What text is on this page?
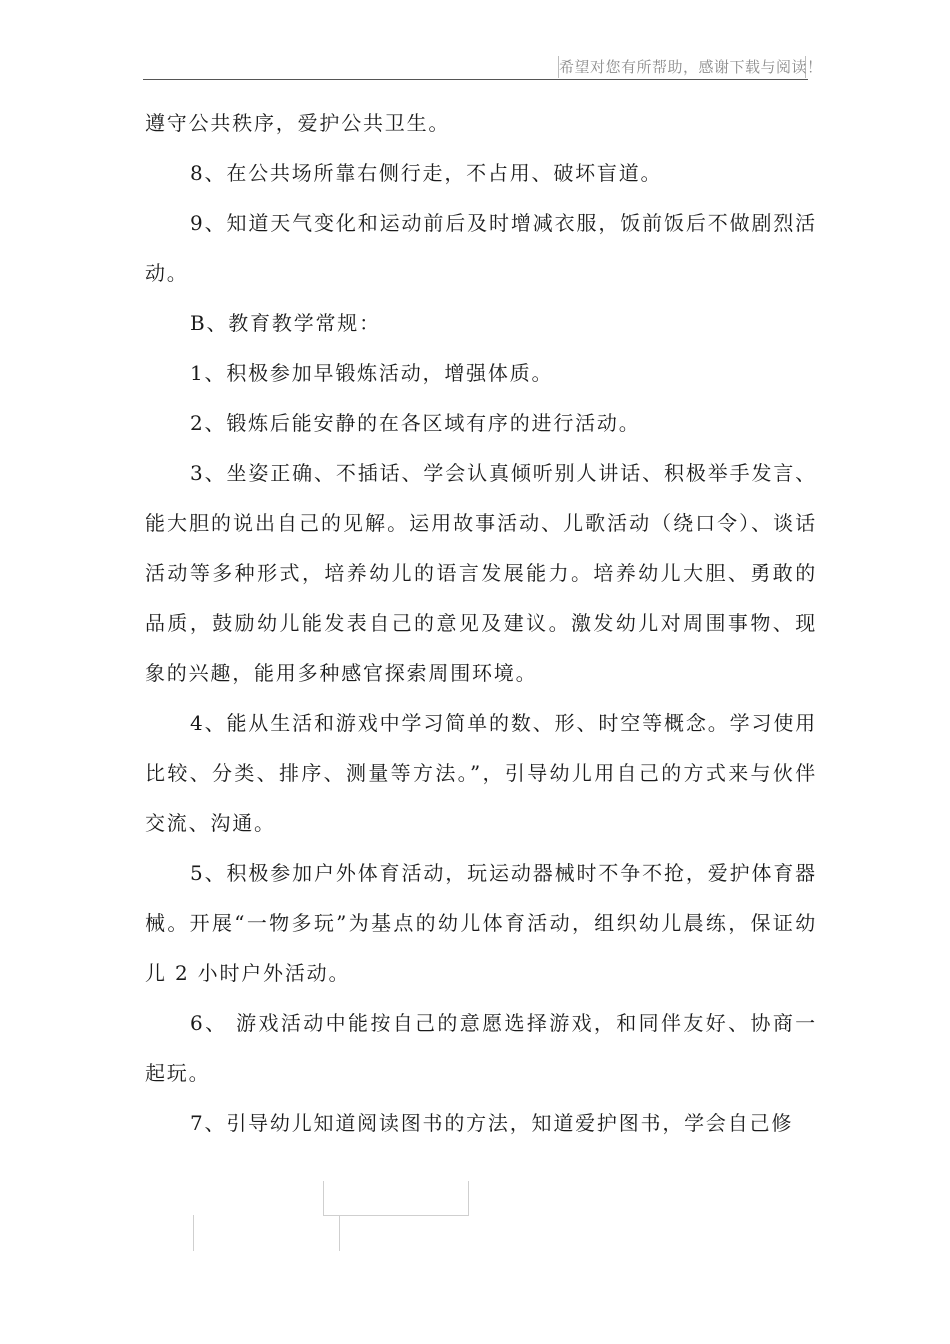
希望对您有所帮助，感谢下载与阅读！

遵守公共秩序，爱护公共卫生。

8、在公共场所靠右侧行走，不占用、破坏盲道。

9、知道天气变化和运动前后及时增减衣服，饭前饭后不做剧烈活动。

B、教育教学常规：

1、积极参加早锻炼活动，增强体质。

2、锻炼后能安静的在各区域有序的进行活动。

3、坐姿正确、不插话、学会认真倾听别人讲话、积极举手发言、能大胆的说出自己的见解。运用故事活动、儿歌活动（绕口令）、谈话活动等多种形式，培养幼儿的语言发展能力。培养幼儿大胆、勇敢的品质，鼓励幼儿能发表自己的意见及建议。激发幼儿对周围事物、现象的兴趣，能用多种感官探索周围环境。

4、能从生活和游戏中学习简单的数、形、时空等概念。学习使用比较、分类、排序、测量等方法。”，引导幼儿用自己的方式来与伙伴交流、沟通。

5、积极参加户外体育活动，玩运动器械时不争不抢，爱护体育器械。开展“一物多玩”为基点的幼儿体育活动，组织幼儿晨练，保证幼儿 2 小时户外活动。

6、 游戏活动中能按自己的意愿选择游戏，和同伴友好、协商一起玩。

7、引导幼儿知道阅读图书的方法，知道爱护图书，学会自己修
